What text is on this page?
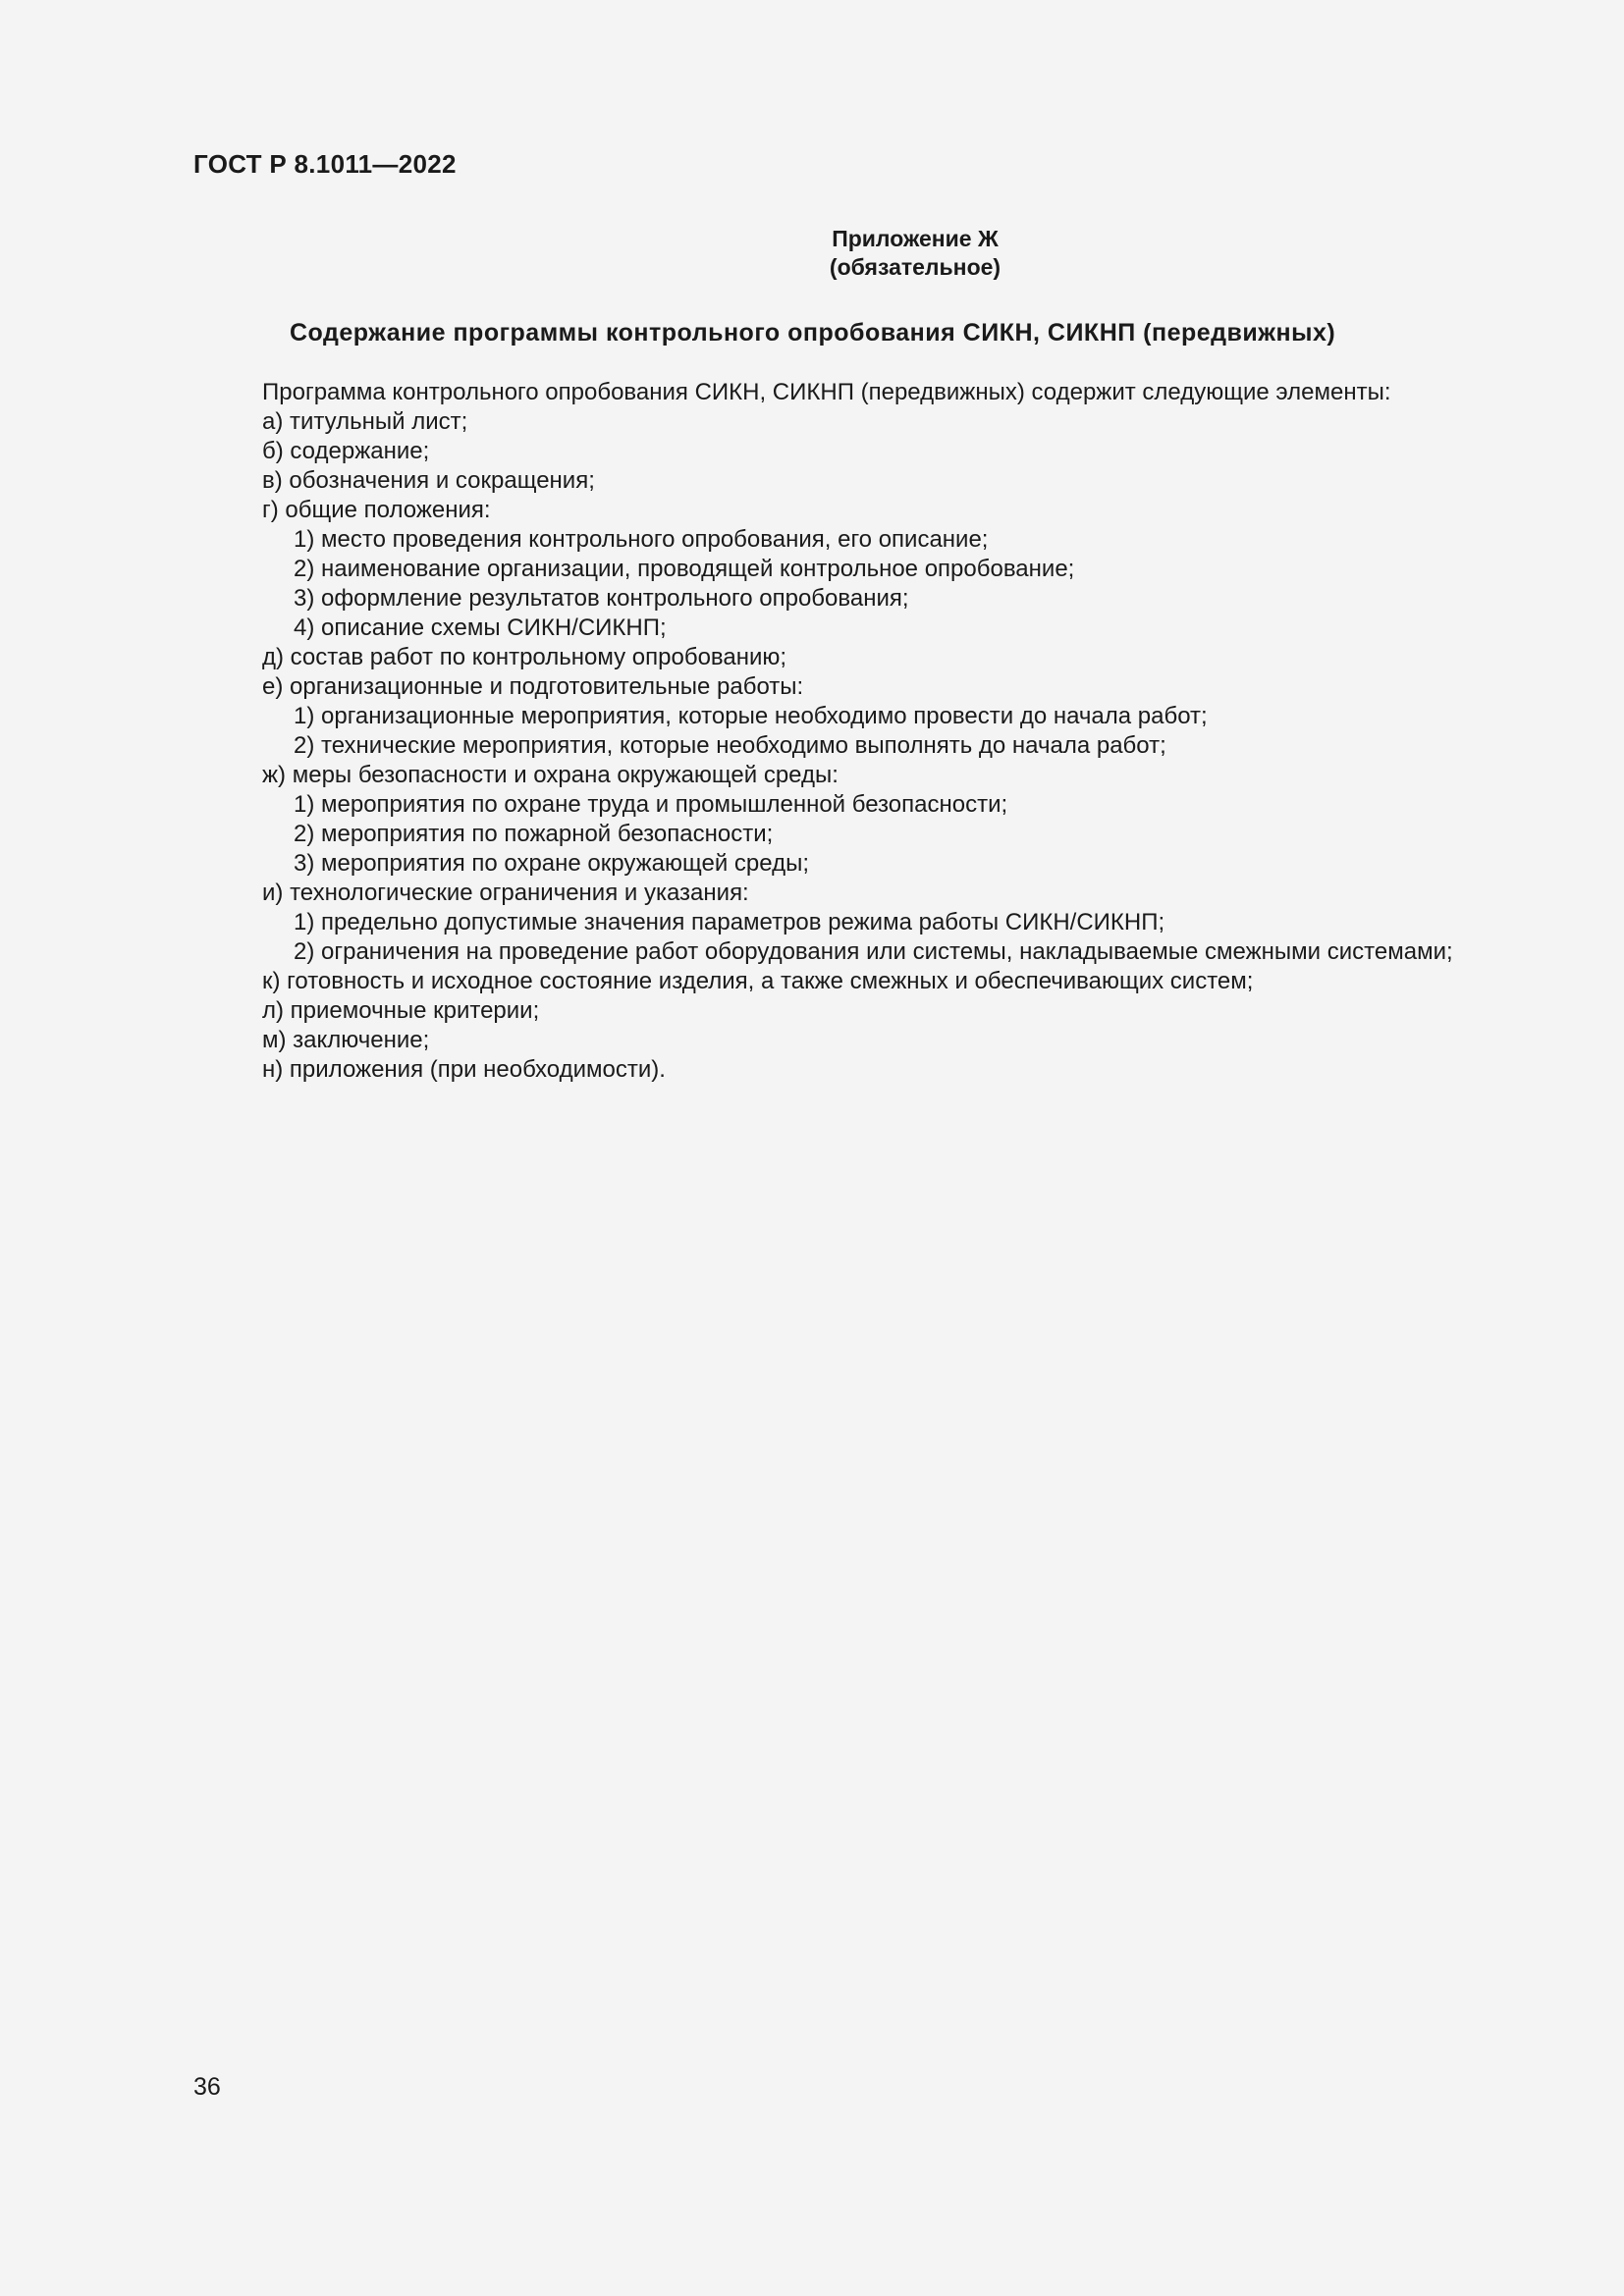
ГОСТ Р 8.1011—2022
Приложение Ж
(обязательное)
Содержание программы контрольного опробования СИКН, СИКНП (передвижных)
Программа контрольного опробования СИКН, СИКНП (передвижных) содержит следующие элементы:
а) титульный лист;
б) содержание;
в) обозначения и сокращения;
г) общие положения:
1) место проведения контрольного опробования, его описание;
2) наименование организации, проводящей контрольное опробование;
3) оформление результатов контрольного опробования;
4) описание схемы СИКН/СИКНП;
д) состав работ по контрольному опробованию;
е) организационные и подготовительные работы:
1) организационные мероприятия, которые необходимо провести до начала работ;
2) технические мероприятия, которые необходимо выполнять до начала работ;
ж) меры безопасности и охрана окружающей среды:
1) мероприятия по охране труда и промышленной безопасности;
2) мероприятия по пожарной безопасности;
3) мероприятия по охране окружающей среды;
и) технологические ограничения и указания:
1) предельно допустимые значения параметров режима работы СИКН/СИКНП;
2) ограничения на проведение работ оборудования или системы, накладываемые смежными системами;
к) готовность и исходное состояние изделия, а также смежных и обеспечивающих систем;
л) приемочные критерии;
м) заключение;
н) приложения (при необходимости).
36
